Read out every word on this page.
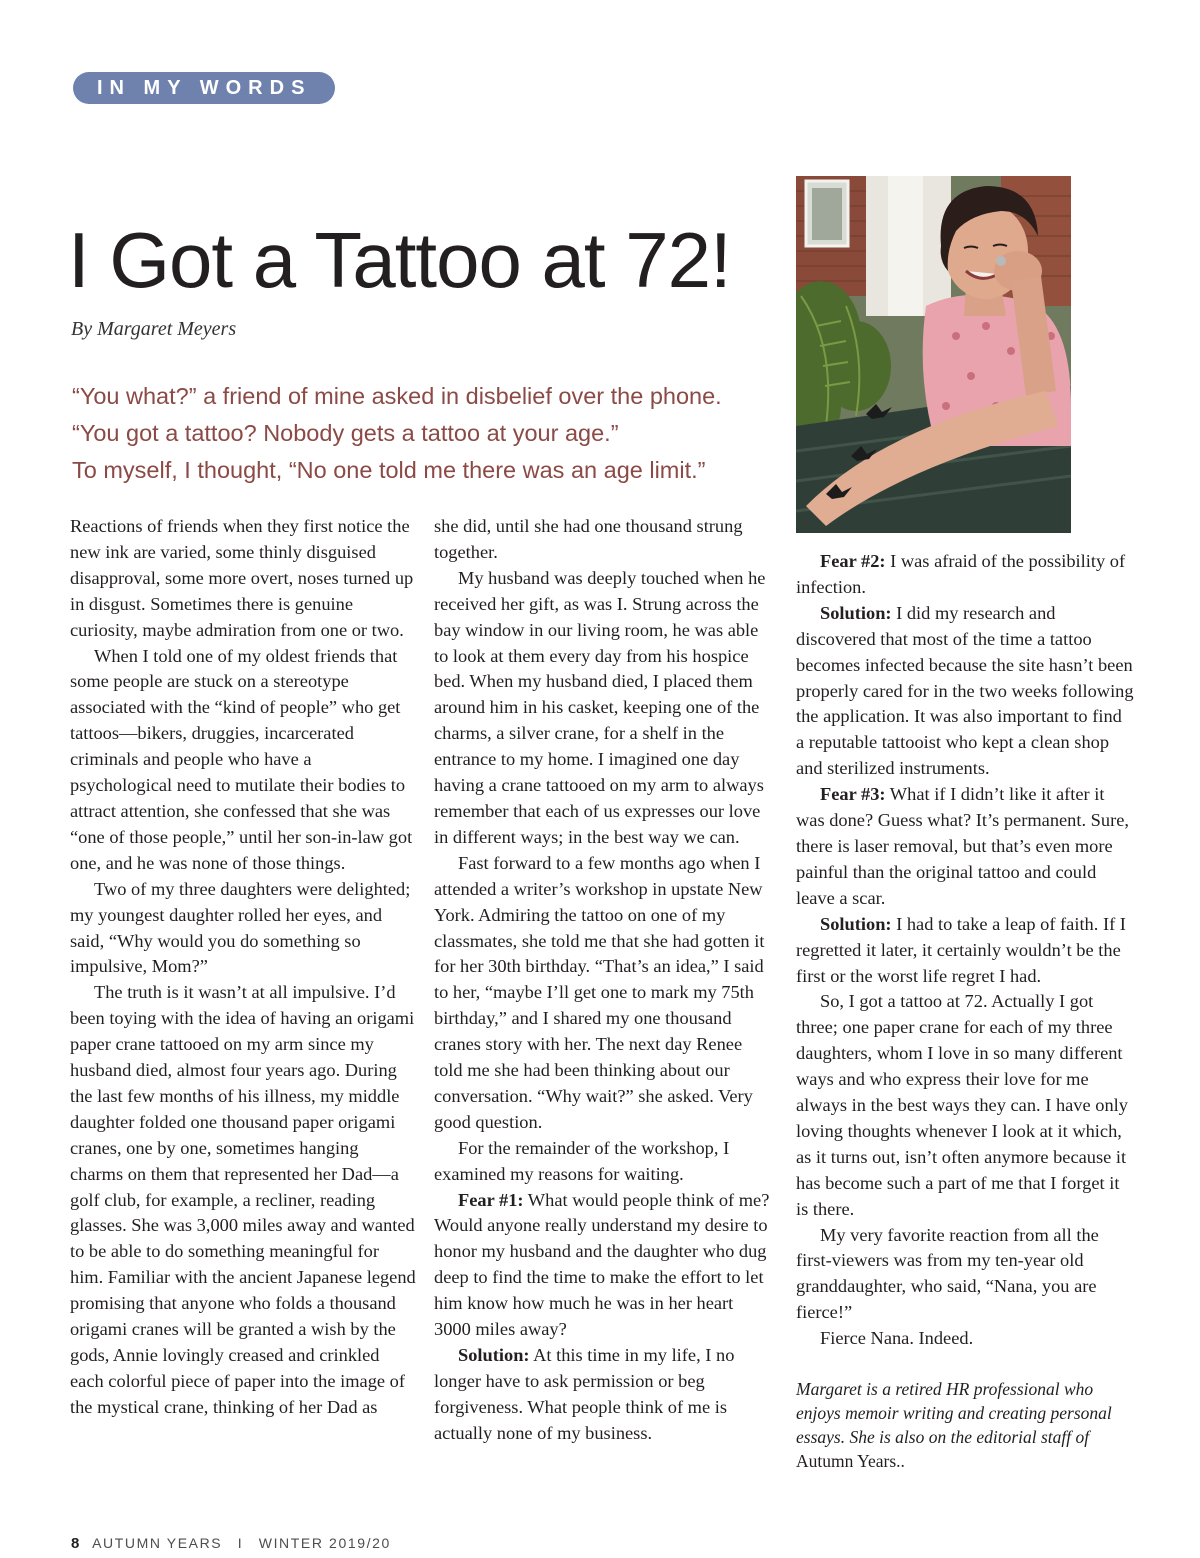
IN MY WORDS
I Got a Tattoo at 72!
By Margaret Meyers
“You what?” a friend of mine asked in disbelief over the phone.
“You got a tattoo? Nobody gets a tattoo at your age.”
To myself, I thought, “No one told me there was an age limit.”

Reactions of friends when they first notice the new ink are varied, some thinly disguised disapproval, some more overt, noses turned up in disgust. Sometimes there is genuine curiosity, maybe admiration from one or two.

When I told one of my oldest friends that some people are stuck on a stereotype associated with the “kind of people” who get tattoos—bikers, druggies, incarcerated criminals and people who have a psychological need to mutilate their bodies to attract attention, she confessed that she was “one of those people,” until her son-in-law got one, and he was none of those things.

Two of my three daughters were delighted; my youngest daughter rolled her eyes, and said, “Why would you do something so impulsive, Mom?”

The truth is it wasn’t at all impulsive. I’d been toying with the idea of having an origami paper crane tattooed on my arm since my husband died, almost four years ago. During the last few months of his illness, my middle daughter folded one thousand paper origami cranes, one by one, sometimes hanging charms on them that represented her Dad—a golf club, for example, a recliner, reading glasses. She was 3,000 miles away and wanted to be able to do something meaningful for him. Familiar with the ancient Japanese legend promising that anyone who folds a thousand origami cranes will be granted a wish by the gods, Annie lovingly creased and crinkled each colorful piece of paper into the image of the mystical crane, thinking of her Dad as

she did, until she had one thousand strung together.

My husband was deeply touched when he received her gift, as was I. Strung across the bay window in our living room, he was able to look at them every day from his hospice bed. When my husband died, I placed them around him in his casket, keeping one of the charms, a silver crane, for a shelf in the entrance to my home. I imagined one day having a crane tattooed on my arm to always remember that each of us expresses our love in different ways; in the best way we can.

Fast forward to a few months ago when I attended a writer’s workshop in upstate New York. Admiring the tattoo on one of my classmates, she told me that she had gotten it for her 30th birthday. “That’s an idea,” I said to her, “maybe I’ll get one to mark my 75th birthday,” and I shared my one thousand cranes story with her. The next day Renee told me she had been thinking about our conversation. “Why wait?” she asked. Very good question.

For the remainder of the workshop, I examined my reasons for waiting.

Fear #1: What would people think of me? Would anyone really understand my desire to honor my husband and the daughter who dug deep to find the time to make the effort to let him know how much he was in her heart 3000 miles away?

Solution: At this time in my life, I no longer have to ask permission or beg forgiveness. What people think of me is actually none of my business.

Fear #2: I was afraid of the possibility of infection.

Solution: I did my research and discovered that most of the time a tattoo becomes infected because the site hasn’t been properly cared for in the two weeks following the application. It was also important to find a reputable tattooist who kept a clean shop and sterilized instruments.

Fear #3: What if I didn’t like it after it was done? Guess what? It’s permanent. Sure, there is laser removal, but that’s even more painful than the original tattoo and could leave a scar.

Solution: I had to take a leap of faith. If I regretted it later, it certainly wouldn’t be the first or the worst life regret I had.

So, I got a tattoo at 72. Actually I got three; one paper crane for each of my three daughters, whom I love in so many different ways and who express their love for me always in the best ways they can. I have only loving thoughts whenever I look at it which, as it turns out, isn’t often anymore because it has become such a part of me that I forget it is there.

My very favorite reaction from all the first-viewers was from my ten-year old granddaughter, who said, “Nana, you are fierce!”

Fierce Nana. Indeed.

Margaret is a retired HR professional who enjoys memoir writing and creating personal essays. She is also on the editorial staff of Autumn Years..
8 AUTUMN YEARS I WINTER 2019/20
